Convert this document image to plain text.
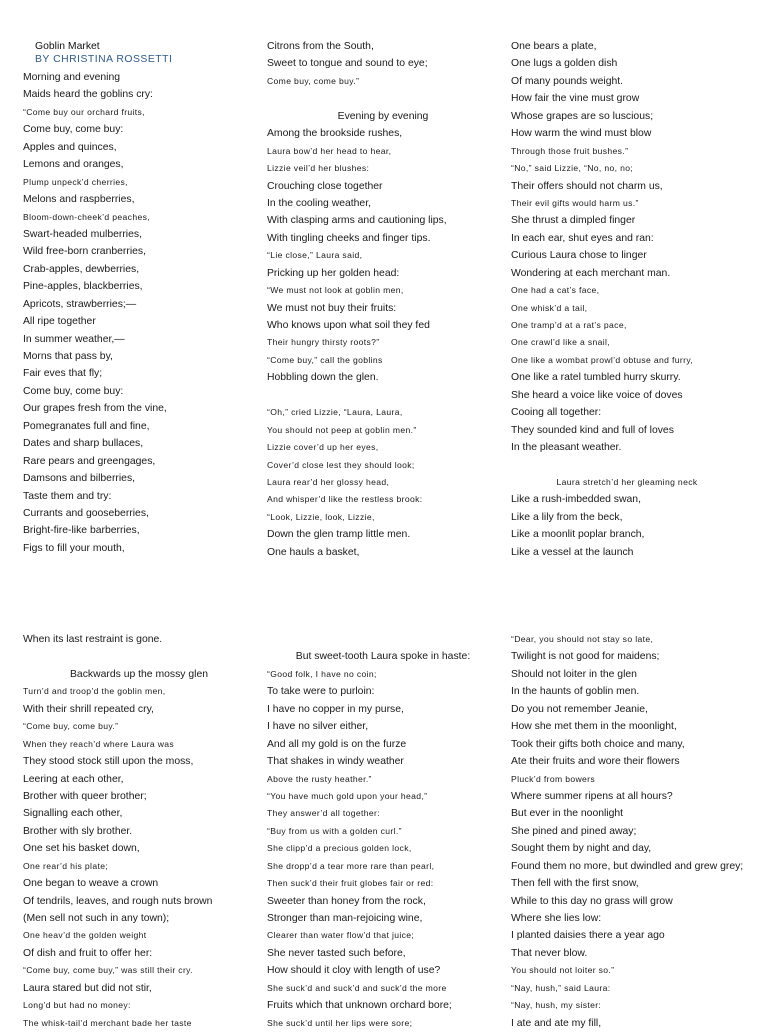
Goblin Market
BY CHRISTINA ROSSETTI
Morning and evening
Maids heard the goblins cry:
“Come buy our orchard fruits,
Come buy, come buy:
Apples and quinces,
Lemons and oranges,
Plump unpeck’d cherries,
Melons and raspberries,
Bloom-down-cheek’d peaches,
Swart-headed mulberries,
Wild free-born cranberries,
Crab-apples, dewberries,
Pine-apples, blackberries,
Apricots, strawberries;—
All ripe together
In summer weather,—
Morns that pass by,
Fair eves that fly;
Come buy, come buy:
Our grapes fresh from the vine,
Pomegranates full and fine,
Dates and sharp bullaces,
Rare pears and greengages,
Damsons and bilberries,
Taste them and try:
Currants and gooseberries,
Bright-fire-like barberries,
Figs to fill your mouth,
Citrons from the South,
Sweet to tongue and sound to eye;
Come buy, come buy.”
Evening by evening
Among the brookside rushes,
Laura bow’d her head to hear,
Lizzie veil’d her blushes:
Crouching close together
In the cooling weather,
With clasping arms and cautioning lips,
With tingling cheeks and finger tips.
“Lie close,” Laura said,
Pricking up her golden head:
“We must not look at goblin men,
We must not buy their fruits:
Who knows upon what soil they fed
Their hungry thirsty roots?”
“Come buy,” call the goblins
Hobbling down the glen.
“Oh,” cried Lizzie, “Laura, Laura,
You should not peep at goblin men.”
Lizzie cover’d up her eyes,
Cover’d close lest they should look;
Laura rear’d her glossy head,
And whisper’d like the restless brook:
“Look, Lizzie, look, Lizzie,
Down the glen tramp little men.
One hauls a basket,
One bears a plate,
One lugs a golden dish
Of many pounds weight.
How fair the vine must grow
Whose grapes are so luscious;
How warm the wind must blow
Through those fruit bushes.”
“No,” said Lizzie, “No, no, no;
Their offers should not charm us,
Their evil gifts would harm us.”
She thrust a dimpled finger
In each ear, shut eyes and ran:
Curious Laura chose to linger
Wondering at each merchant man.
One had a cat’s face,
One whisk’d a tail,
One tramp’d at a rat’s pace,
One crawl’d like a snail,
One like a wombat prowl’d obtuse and furry,
One like a ratel tumbled hurry skurry.
She heard a voice like voice of doves
Cooing all together:
They sounded kind and full of loves
In the pleasant weather.
Laura stretch’d her gleaming neck
Like a rush-imbedded swan,
Like a lily from the beck,
Like a moonlit poplar branch,
Like a vessel at the launch
When its last restraint is gone.
Backwards up the mossy glen
Turn’d and troop’d the goblin men,
With their shrill repeated cry,
“Come buy, come buy.”
When they reach’d where Laura was
They stood stock still upon the moss,
Leering at each other,
Brother with queer brother;
Signalling each other,
Brother with sly brother.
One set his basket down,
One rear’d his plate;
One began to weave a crown
Of tendrils, leaves, and rough nuts brown
(Men sell not such in any town);
One heav’d the golden weight
Of dish and fruit to offer her:
“Come buy, come buy,” was still their cry.
Laura stared but did not stir,
Long’d but had no money:
The whisk-tail’d merchant bade her taste
But sweet-tooth Laura spoke in haste:
“Good folk, I have no coin;
To take were to purloin:
I have no copper in my purse,
I have no silver either,
And all my gold is on the furze
That shakes in windy weather
Above the rusty heather.”
“You have much gold upon your head,”
They answer’d all together:
“Buy from us with a golden curl.”
She clipp’d a precious golden lock,
She dropp’d a tear more rare than pearl,
Then suck’d their fruit globes fair or red:
Sweeter than honey from the rock,
Stronger than man-rejoicing wine,
Clearer than water flow’d that juice;
She never tasted such before,
How should it cloy with length of use?
She suck’d and suck’d and suck’d the more
Fruits which that unknown orchard bore;
She suck’d until her lips were sore;
“Dear, you should not stay so late,
Twilight is not good for maidens;
Should not loiter in the glen
In the haunts of goblin men.
Do you not remember Jeanie,
How she met them in the moonlight,
Took their gifts both choice and many,
Ate their fruits and wore their flowers
Pluck’d from bowers
Where summer ripens at all hours?
But ever in the noonlight
She pined and pined away;
Sought them by night and day,
Found them no more, but dwindled and grew grey;
Then fell with the first snow,
While to this day no grass will grow
Where she lies low:
I planted daisies there a year ago
That never blow.
You should not loiter so.”
“Nay, hush,” said Laura:
“Nay, hush, my sister:
I ate and ate my fill,
